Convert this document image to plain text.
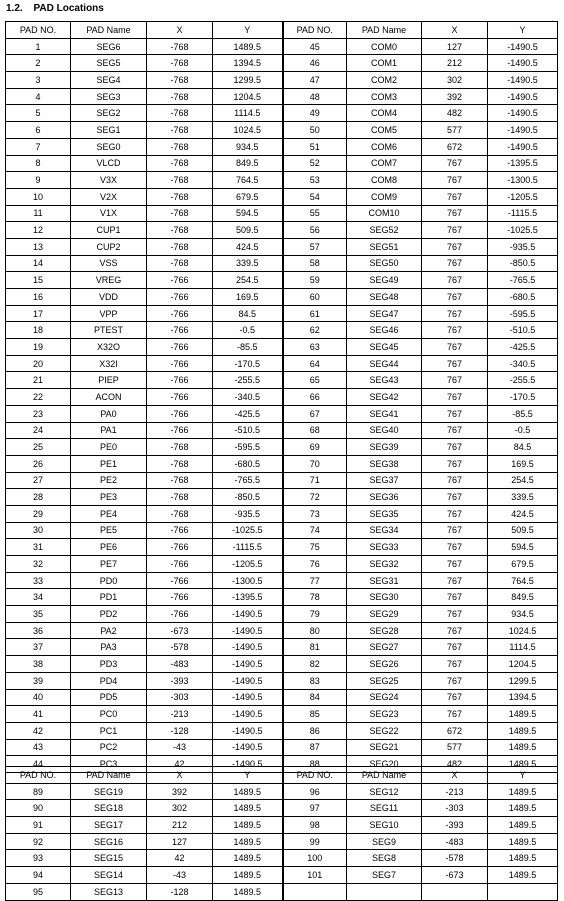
1.2. PAD Locations
PAD NO.	PAD Name	X	Y	PAD NO.	PAD Name	X	Y
1	SEG6	-768	1489.5	45	COM0	127	-1490.5
2	SEG5	-768	1394.5	46	COM1	212	-1490.5
3	SEG4	-768	1299.5	47	COM2	302	-1490.5
4	SEG3	-768	1204.5	48	COM3	392	-1490.5
5	SEG2	-768	1114.5	49	COM4	482	-1490.5
6	SEG1	-768	1024.5	50	COM5	577	-1490.5
7	SEG0	-768	934.5	51	COM6	672	-1490.5
8	VLCD	-768	849.5	52	COM7	767	-1395.5
9	V3X	-768	764.5	53	COM8	767	-1300.5
10	V2X	-768	679.5	54	COM9	767	-1205.5
11	V1X	-768	594.5	55	COM10	767	-1115.5
12	CUP1	-768	509.5	56	SEG52	767	-1025.5
13	CUP2	-768	424.5	57	SEG51	767	-935.5
14	VSS	-768	339.5	58	SEG50	767	-850.5
15	VREG	-766	254.5	59	SEG49	767	-765.5
16	VDD	-766	169.5	60	SEG48	767	-680.5
17	VPP	-766	84.5	61	SEG47	767	-595.5
18	PTEST	-766	-0.5	62	SEG46	767	-510.5
19	X32O	-766	-85.5	63	SEG45	767	-425.5
20	X32I	-766	-170.5	64	SEG44	767	-340.5
21	PIEP	-766	-255.5	65	SEG43	767	-255.5
22	ACON	-766	-340.5	66	SEG42	767	-170.5
23	PA0	-766	-425.5	67	SEG41	767	-85.5
24	PA1	-766	-510.5	68	SEG40	767	-0.5
25	PE0	-768	-595.5	69	SEG39	767	84.5
26	PE1	-768	-680.5	70	SEG38	767	169.5
27	PE2	-768	-765.5	71	SEG37	767	254.5
28	PE3	-768	-850.5	72	SEG36	767	339.5
29	PE4	-768	-935.5	73	SEG35	767	424.5
30	PE5	-766	-1025.5	74	SEG34	767	509.5
31	PE6	-766	-1115.5	75	SEG33	767	594.5
32	PE7	-766	-1205.5	76	SEG32	767	679.5
33	PD0	-766	-1300.5	77	SEG31	767	764.5
34	PD1	-766	-1395.5	78	SEG30	767	849.5
35	PD2	-766	-1490.5	79	SEG29	767	934.5
36	PA2	-673	-1490.5	80	SEG28	767	1024.5
37	PA3	-578	-1490.5	81	SEG27	767	1114.5
38	PD3	-483	-1490.5	82	SEG26	767	1204.5
39	PD4	-393	-1490.5	83	SEG25	767	1299.5
40	PD5	-303	-1490.5	84	SEG24	767	1394.5
41	PC0	-213	-1490.5	85	SEG23	767	1489.5
42	PC1	-128	-1490.5	86	SEG22	672	1489.5
43	PC2	-43	-1490.5	87	SEG21	577	1489.5
44	PC3	42	-1490.5	88	SEG20	482	1489.5
PAD NO.	PAD Name	X	Y	PAD NO.	PAD Name	X	Y
89	SEG19	392	1489.5	96	SEG12	-213	1489.5
90	SEG18	302	1489.5	97	SEG11	-303	1489.5
91	SEG17	212	1489.5	98	SEG10	-393	1489.5
92	SEG16	127	1489.5	99	SEG9	-483	1489.5
93	SEG15	42	1489.5	100	SEG8	-578	1489.5
94	SEG14	-43	1489.5	101	SEG7	-673	1489.5
95	SEG13	-128	1489.5				
